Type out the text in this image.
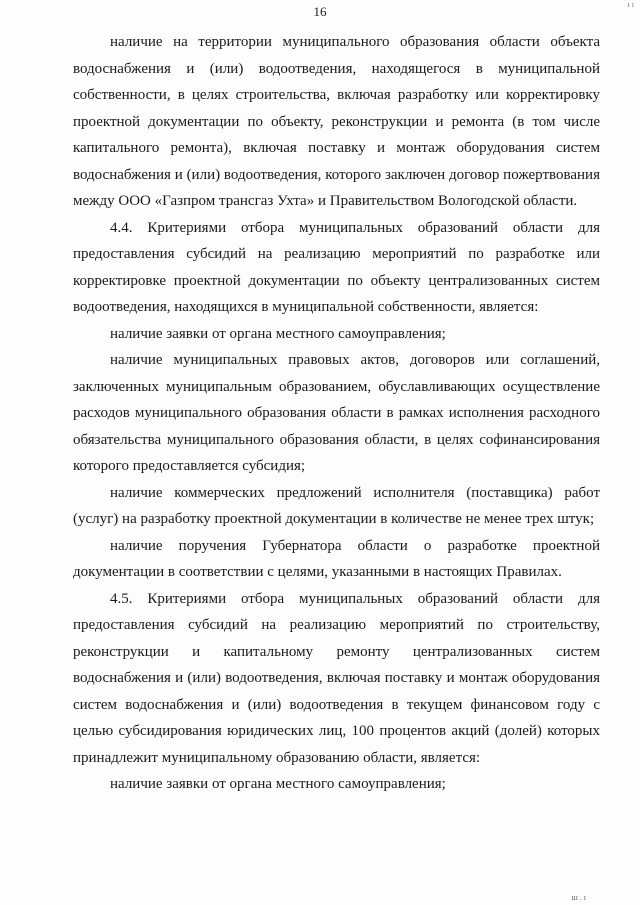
ı ı
16

наличие на территории муниципального образования области объекта водоснабжения и (или) водоотведения, находящегося в муниципальной собственности, в целях строительства, включая разработку или корректировку проектной документации по объекту, реконструкции и ремонта (в том числе капитального ремонта), включая поставку и монтаж оборудования систем водоснабжения и (или) водоотведения, которого заключен договор пожертвования между ООО «Газпром трансгаз Ухта» и Правительством Вологодской области.

4.4. Критериями отбора муниципальных образований области для предоставления субсидий на реализацию мероприятий по разработке или корректировке проектной документации по объекту централизованных систем водоотведения, находящихся в муниципальной собственности, является:

наличие заявки от органа местного самоуправления;

наличие муниципальных правовых актов, договоров или соглашений, заключенных муниципальным образованием, обуславливающих осуществление расходов муниципального образования области в рамках исполнения расходного обязательства муниципального образования области, в целях софинансирования которого предоставляется субсидия;

наличие коммерческих предложений исполнителя (поставщика) работ (услуг) на разработку проектной документации в количестве не менее трех штук;

наличие поручения Губернатора области о разработке проектной документации в соответствии с целями, указанными в настоящих Правилах.

4.5. Критериями отбора муниципальных образований области для предоставления субсидий на реализацию мероприятий по строительству, реконструкции и капитальному ремонту централизованных систем водоснабжения и (или) водоотведения, включая поставку и монтаж оборудования систем водоснабжения и (или) водоотведения в текущем финансовом году с целью субсидирования юридических лиц, 100 процентов акций (долей) которых принадлежит муниципальному образованию области, является:

наличие заявки от органа местного самоуправления;

ш.ı
